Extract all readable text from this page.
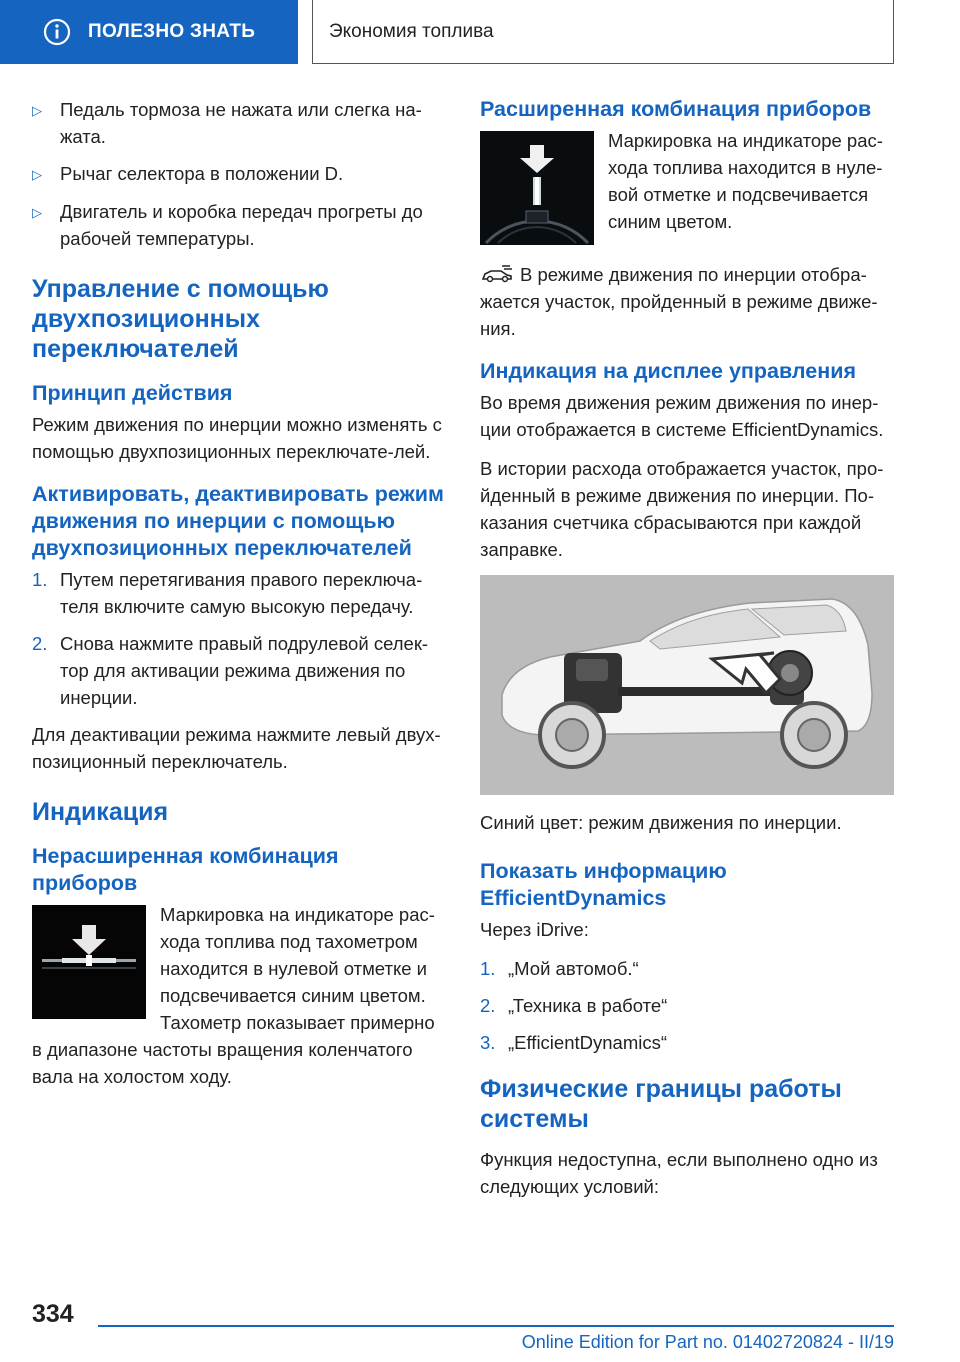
ПОЛЕЗНО ЗНАТЬ	Экономия топлива
▷ Педаль тормоза не нажата или слегка на-жата.
▷ Рычаг селектора в положении D.
▷ Двигатель и коробка передач прогреты до рабочей температуры.
Управление с помощью двухпозиционных переключателей
Принцип действия

Режим движения по инерции можно изменять с помощью двухпозиционных переключате-лей.

Активировать, деактивировать режим движения по инерции с помощью двухпозиционных переключателей
1. Путем перетягивания правого переключа-теля включите самую высокую передачу.
2. Снова нажмите правый подрулевой селек-тор для активации режима движения по инерции.

Для деактивации режима нажмите левый двух-позиционный переключатель.

Индикация
Нерасширенная комбинация приборов

Маркировка на индикаторе рас-хода топлива под тахометром находится в нулевой отметке и подсвечивается синим цветом. Тахометр показывает примерно в диапазоне частоты вращения коленчатого вала на холостом ходу.

Расширенная комбинация приборов

Маркировка на индикаторе рас-хода топлива находится в нуле-вой отметке и подсвечивается синим цветом.

В режиме движения по инерции отобра-жается участок, пройденный в режиме движе-ния.

Индикация на дисплее управления

Во время движения режим движения по инер-ции отображается в системе EfficientDynamics.

В истории расхода отображается участок, про-йденный в режиме движения по инерции. По-казания счетчика сбрасываются при каждой заправке.

Синий цвет: режим движения по инерции.

Показать информацию EfficientDynamics

Через iDrive:

1. „Мой автомоб.“
2. „Техника в работе“
3. „EfficientDynamics“
Физические границы работы системы

Функция недоступна, если выполнено одно из следующих условий:

334
Online Edition for Part no. 01402720824 - II/19
